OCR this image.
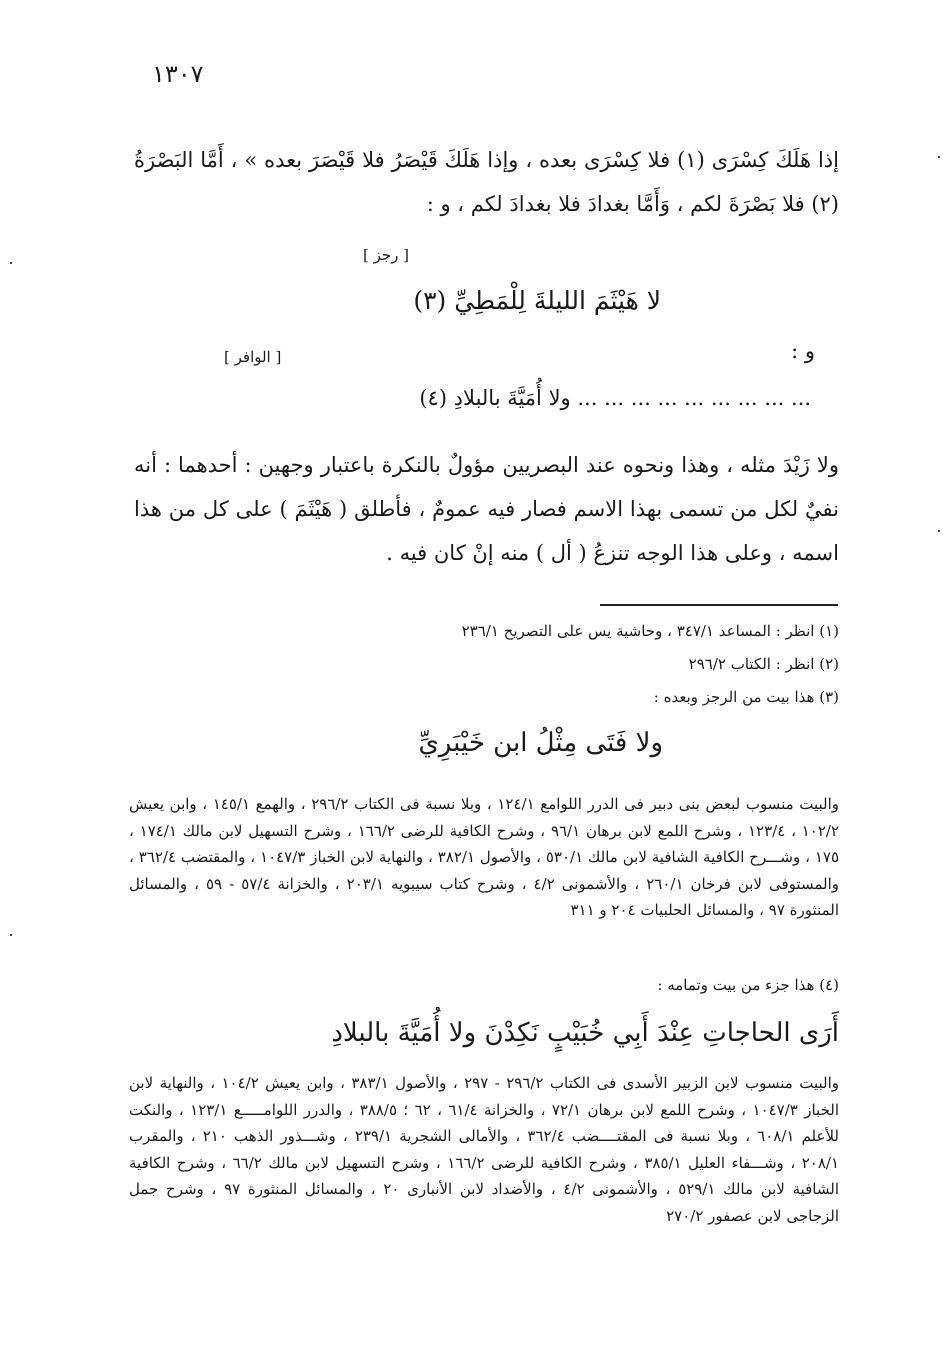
١٣٠٧
إذا هَلَكَ كِسْرَى (١) فلا كِسْرَى بعده ، وإذا هَلَكَ قَيْصَرُ فلا قَيْصَرَ بعده » ، أَمَّا البَصْرَةُ (٢) فلا بَصْرَةَ لكم ، وَأَمَّا بغدادَ فلا بغدادَ لكم ، و :
[ رجز ]
لا هَيْثَمَ الليلةَ لِلْمَطِيِّ (٣)
و :
[ الوافر ]
... ... ... ... ... ... ... ... ... ولا أُمَيَّةَ بالبلادِ (٤)
ولا زَيْدَ مثله ، وهذا ونحوه عند البصريين مؤولٌ بالنكرة باعتبار وجهين : أحدهما : أنه نفيٌ لكل من تسمى بهذا الاسم فصار فيه عمومٌ ، فأطلق ( هَيْثَمَ ) على كل من هذا اسمه ، وعلى هذا الوجه تنزعُ ( أل ) منه إنْ كان فيه .
(١) انظر : المساعد ٣٤٧/١ ، وحاشية يس على التصريح ٢٣٦/١
(٢) انظر : الكتاب ٢٩٦/٢
(٣) هذا بيت من الرجز وبعده :
ولا فَتَى مِثْلُ ابن خَيْبَرِيِّ
والبيت منسوب لبعض بنى دبير فى الدرر اللوامع ١٢٤/١ ، وبلا نسبة فى الكتاب ٢٩٦/٢ ، والهمع ١٤٥/١ ، وابن يعيش ١٠٢/٢ ، ١٢٣/٤ ، وشرح اللمع لابن برهان ٩٦/١ ، وشرح الكافية للرضى ١٦٦/٢ ، وشرح التسهيل لابن مالك ١٧٤/١ ، ١٧٥ ، وشـــرح الكافية الشافية لابن مالك ٥٣٠/١ ، والأصول ٣٨٢/١ ، والنهاية لابن الخباز ١٠٤٧/٣ ، والمقتضب ٣٦٢/٤ ، والمستوفى لابن فرخان ٢٦٠/١ ، والأشمونى ٤/٢ ، وشرح كتاب سيبويه ٢٠٣/١ ، والخزانة ٥٧/٤ - ٥٩ ، والمسائل المنثورة ٩٧ ، والمسائل الحلبيات ٢٠٤ و ٣١١
(٤) هذا جزء من بيت وتمامه :
أَرَى الحاجاتِ عِنْدَ أَبِي خُبَيْبٍ نَكِدْنَ ولا أُمَيَّةَ بالبلادِ
والبيت منسوب لابن الزبير الأسدى فى الكتاب ٢٩٦/٢ - ٢٩٧ ، والأصول ٣٨٣/١ ، وابن يعيش ١٠٤/٢ ، والنهاية لابن الخباز ١٠٤٧/٣ ، وشرح اللمع لابن برهان ٧٢/١ ، والخزانة ٦١/٤ ، ٦٢ ؛ ٣٨٨/٥ ، والدرر اللوامـــــع ١٢٣/١ ، والنكت للأعلم ٦٠٨/١ ، وبلا نسبة فى المقتــــضب ٣٦٢/٤ ، والأمالى الشجرية ٢٣٩/١ ، وشـــذور الذهب ٢١٠ ، والمقرب ٢٠٨/١ ، وشـــفاء العليل ٣٨٥/١ ، وشرح الكافية للرضى ١٦٦/٢ ، وشرح التسهيل لابن مالك ٦٦/٢ ، وشرح الكافية الشافية لابن مالك ٥٢٩/١ ، والأشمونى ٤/٢ ، والأضداد لابن الأنبارى ٢٠ ، والمسائل المنثورة ٩٧ ، وشرح جمل الزجاجى لابن عصفور ٢٧٠/٢
